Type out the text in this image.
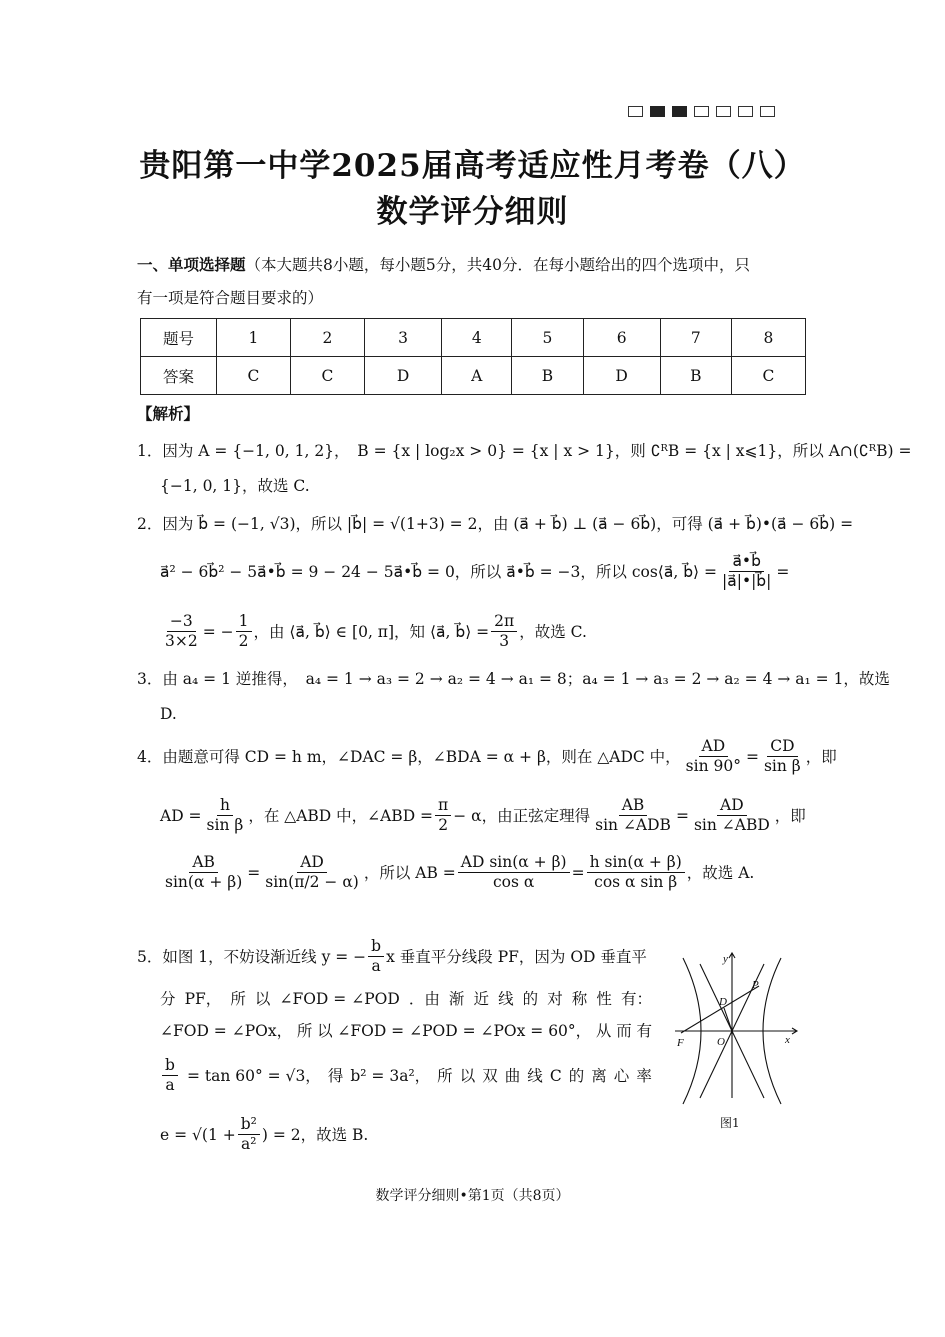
贵阳第一中学2025届高考适应性月考卷（八）
数学评分细则
一、单项选择题（本大题共8小题，每小题5分，共40分．在每小题给出的四个选项中，只
有一项是符合题目要求的）
题号	1	2	3	4	5	6	7	8
答案	C	C	D	A	B	D	B	C
【解析】
1．因为 A = {−1, 0, 1, 2}，　B = {x | log₂x > 0} = {x | x > 1}，则 ∁ᴿB = {x | x⩽1}，所以 A∩(∁ᴿB) =
{−1, 0, 1}，故选 C.
2．因为 b⃗ = (−1, √3)，所以 |b⃗| = √(1+3) = 2，由 (a⃗ + b⃗) ⊥ (a⃗ − 6b⃗)，可得 (a⃗ + b⃗)•(a⃗ − 6b⃗) =
a⃗² − 6b⃗² − 5a⃗•b⃗ = 9 − 24 − 5a⃗•b⃗ = 0，所以 a⃗•b⃗ = −3，所以 cos⟨a⃗, b⃗⟩ = $\frac{a⃗•b⃗}{|a⃗|•|b⃗|}$ =
$\frac{-3}{3\times 2}$ = − $\frac{1}{2}$ ，由 ⟨a⃗, b⃗⟩ ∈ [0, π]，知 ⟨a⃗, b⃗⟩ = $\frac{2\pi}{3}$ ，故选 C.
3．由 a₄ = 1 逆推得，　a₄ = 1 → a₃ = 2 → a₂ = 4 → a₁ = 8；a₄ = 1 → a₃ = 2 → a₂ = 4 → a₁ = 1，故选
D.
4．由题意可得 CD = h m，∠DAC = β，∠BDA = α + β，则在 △ADC 中， $\frac{AD}{\sin 90^\circ} = \frac{CD}{\text{sin β}}$ ，即
AD = $\frac{h}{\text{sin β}}$ ，在 △ABD 中，∠ABD = $\frac{\pi}{2} - \alpha$，由正弦定理得 $\frac{AB}{\text{sin ∠ADB}} = \frac{AD}{\text{sin ∠ABD}}$ ，即
$\frac{AB}{\sin(\alpha + \beta)} = \frac{AD}{\sin(\pi/2 - \alpha)}$ ，所以 AB = $\frac{\text{AD sin(α + β)}}{\text{cos α}} = \frac{\text{h sin(α + β)}}{\text{cos α sin β}}$ ，故选 A.
5．如图 1，不妨设渐近线 y = − $\frac{b}{a}$ x 垂直平分线段 PF，因为 OD 垂直平
分 PF， 所 以 ∠FOD = ∠POD ．由 渐 近 线 的 对 称 性 有：
∠FOD = ∠POx， 所 以 ∠FOD = ∠POD = ∠POx = 60°， 从 而 有
$\frac{b}{a} = \tan 60^\circ = √3$， 得 b² = 3a²， 所 以 双 曲 线 C 的 离 心 率
$e = √(1 + \frac{\text{b²}}{\text{a²}}$ ) = 2，故选 B.
y
x
P
D
O
F
图1
数学评分细则•第1页（共8页）
